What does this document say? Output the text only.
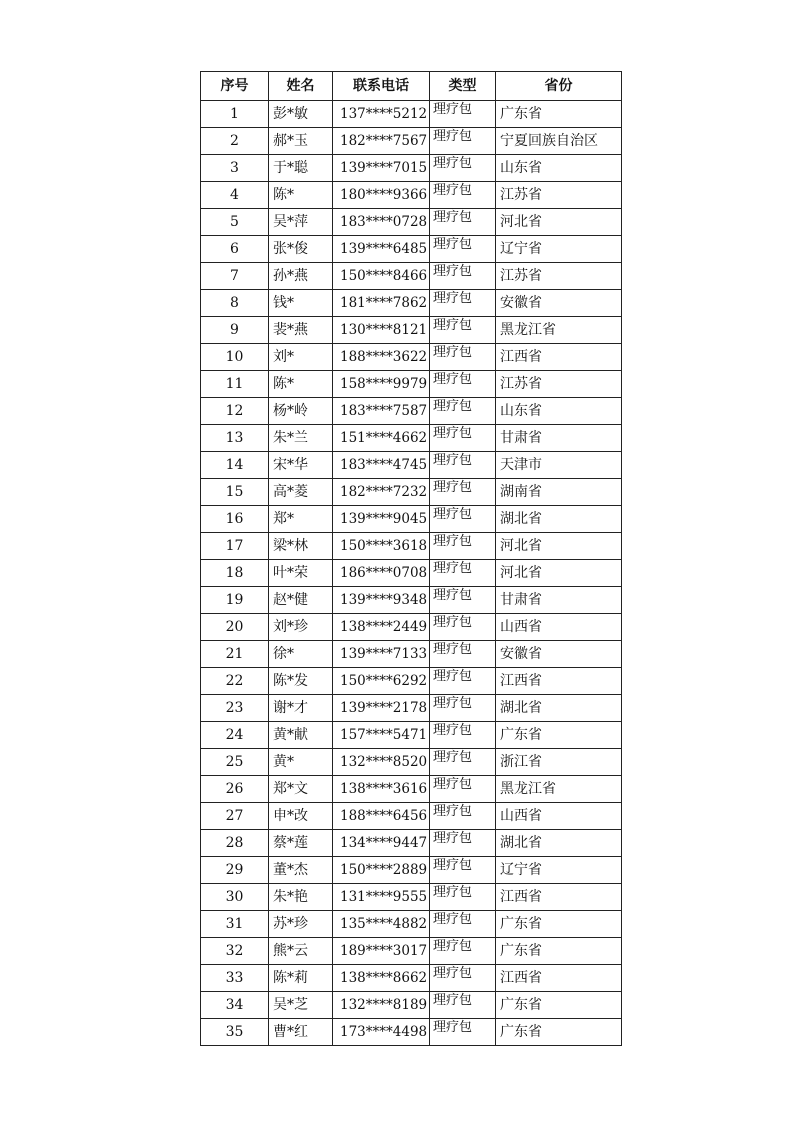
序号	姓名	联系电话	类型	省份
1	彭*敏	137****5212	理疗包	广东省
2	郝*玉	182****7567	理疗包	宁夏回族自治区
3	于*聪	139****7015	理疗包	山东省
4	陈*	180****9366	理疗包	江苏省
5	吴*萍	183****0728	理疗包	河北省
6	张*俊	139****6485	理疗包	辽宁省
7	孙*燕	150****8466	理疗包	江苏省
8	钱*	181****7862	理疗包	安徽省
9	裴*燕	130****8121	理疗包	黑龙江省
10	刘*	188****3622	理疗包	江西省
11	陈*	158****9979	理疗包	江苏省
12	杨*岭	183****7587	理疗包	山东省
13	朱*兰	151****4662	理疗包	甘肃省
14	宋*华	183****4745	理疗包	天津市
15	高*菱	182****7232	理疗包	湖南省
16	郑*	139****9045	理疗包	湖北省
17	梁*林	150****3618	理疗包	河北省
18	叶*荣	186****0708	理疗包	河北省
19	赵*健	139****9348	理疗包	甘肃省
20	刘*珍	138****2449	理疗包	山西省
21	徐*	139****7133	理疗包	安徽省
22	陈*发	150****6292	理疗包	江西省
23	谢*才	139****2178	理疗包	湖北省
24	黄*献	157****5471	理疗包	广东省
25	黄*	132****8520	理疗包	浙江省
26	郑*文	138****3616	理疗包	黑龙江省
27	申*改	188****6456	理疗包	山西省
28	蔡*莲	134****9447	理疗包	湖北省
29	董*杰	150****2889	理疗包	辽宁省
30	朱*艳	131****9555	理疗包	江西省
31	苏*珍	135****4882	理疗包	广东省
32	熊*云	189****3017	理疗包	广东省
33	陈*莉	138****8662	理疗包	江西省
34	吴*芝	132****8189	理疗包	广东省
35	曹*红	173****4498	理疗包	广东省
